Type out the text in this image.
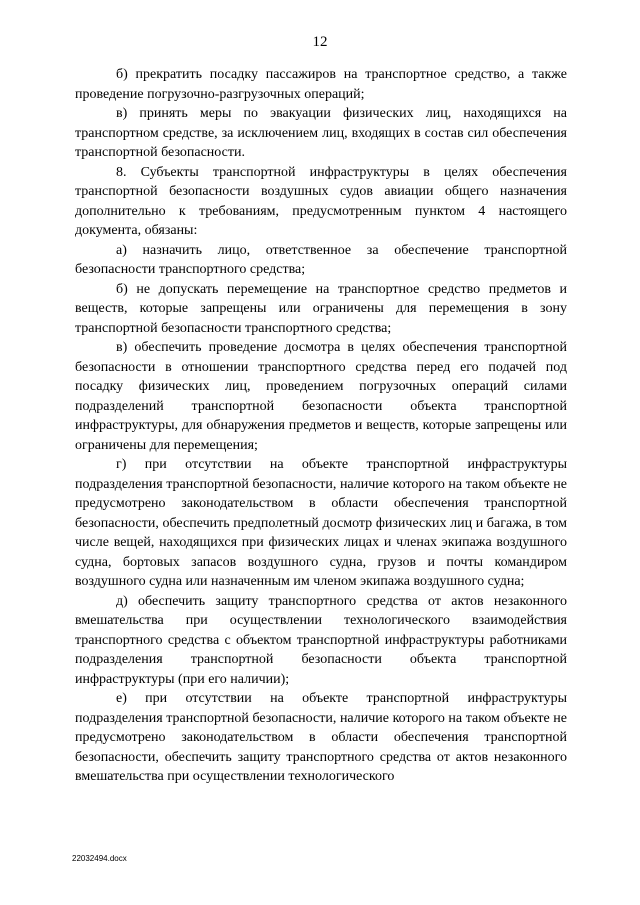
12

б) прекратить посадку пассажиров на транспортное средство, а также проведение погрузочно-разгрузочных операций;

в) принять меры по эвакуации физических лиц, находящихся на транспортном средстве, за исключением лиц, входящих в состав сил обеспечения транспортной безопасности.

8. Субъекты транспортной инфраструктуры в целях обеспечения транспортной безопасности воздушных судов авиации общего назначения дополнительно к требованиям, предусмотренным пунктом 4 настоящего документа, обязаны:

а) назначить лицо, ответственное за обеспечение транспортной безопасности транспортного средства;

б) не допускать перемещение на транспортное средство предметов и веществ, которые запрещены или ограничены для перемещения в зону транспортной безопасности транспортного средства;

в) обеспечить проведение досмотра в целях обеспечения транспортной безопасности в отношении транспортного средства перед его подачей под посадку физических лиц, проведением погрузочных операций силами подразделений транспортной безопасности объекта транспортной инфраструктуры, для обнаружения предметов и веществ, которые запрещены или ограничены для перемещения;

г) при отсутствии на объекте транспортной инфраструктуры подразделения транспортной безопасности, наличие которого на таком объекте не предусмотрено законодательством в области обеспечения транспортной безопасности, обеспечить предполетный досмотр физических лиц и багажа, в том числе вещей, находящихся при физических лицах и членах экипажа воздушного судна, бортовых запасов воздушного судна, грузов и почты командиром воздушного судна или назначенным им членом экипажа воздушного судна;

д) обеспечить защиту транспортного средства от актов незаконного вмешательства при осуществлении технологического взаимодействия транспортного средства с объектом транспортной инфраструктуры работниками подразделения транспортной безопасности объекта транспортной инфраструктуры (при его наличии);

е) при отсутствии на объекте транспортной инфраструктуры подразделения транспортной безопасности, наличие которого на таком объекте не предусмотрено законодательством в области обеспечения транспортной безопасности, обеспечить защиту транспортного средства от актов незаконного вмешательства при осуществлении технологического

22032494.docx
